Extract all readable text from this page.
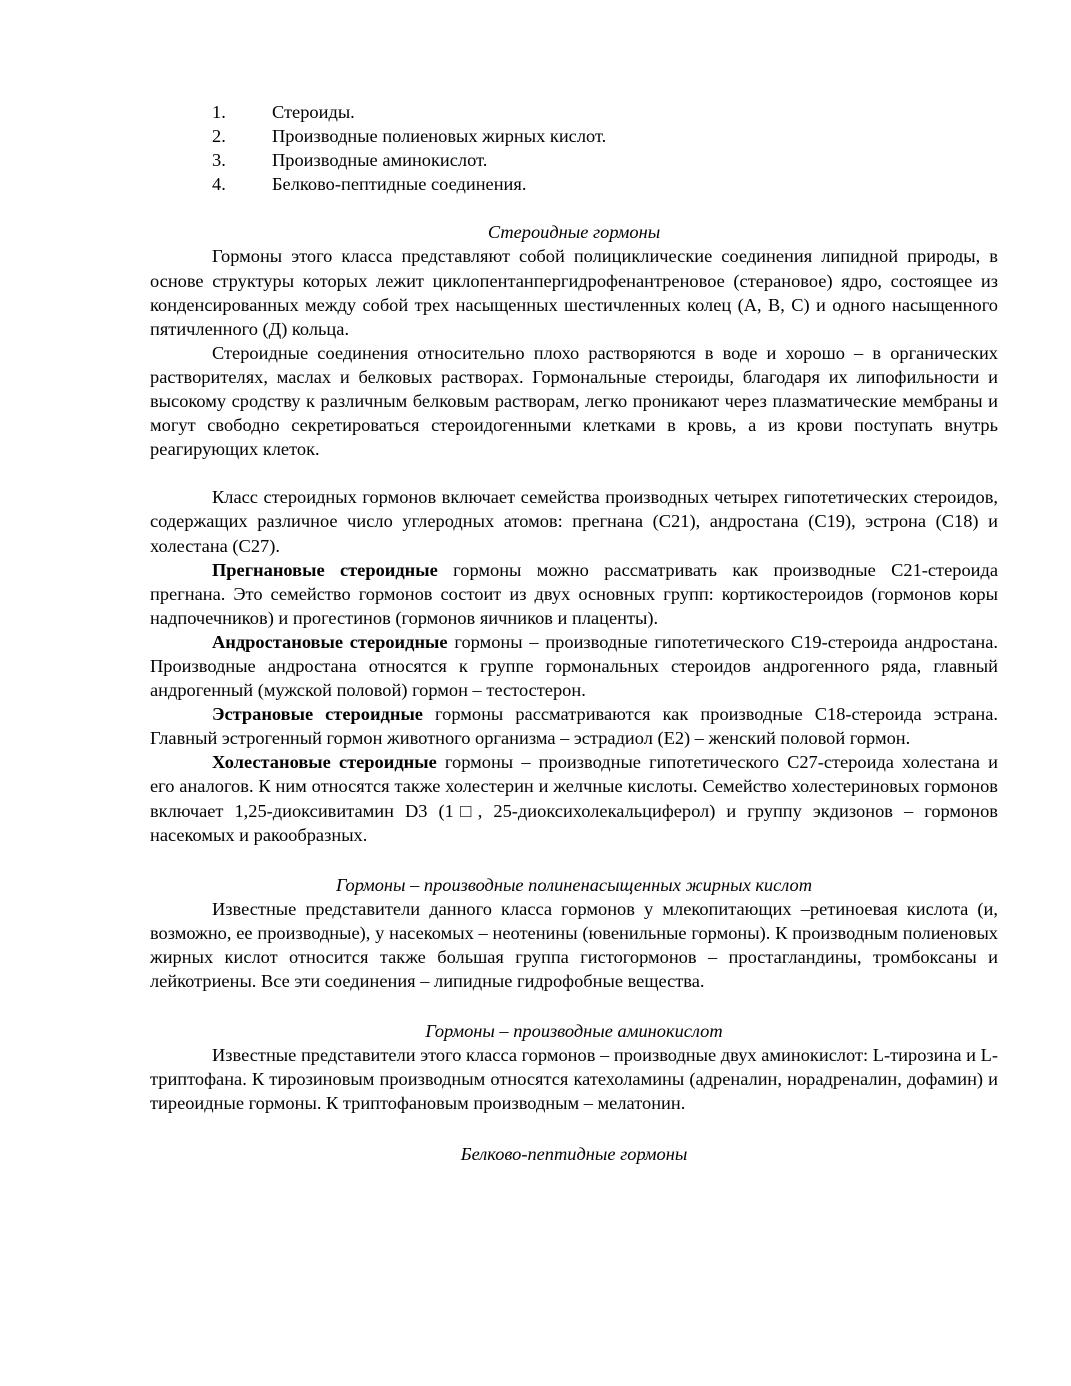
1.	Стероиды.
2.	Производные полиеновых жирных кислот.
3.	Производные аминокислот.
4.	Белково-пептидные соединения.
Стероидные гормоны

Гормоны этого класса представляют собой полициклические соединения липидной природы, в основе структуры которых лежит циклопентанпергидрофенантреновое (стерановое) ядро, состоящее из конденсированных между собой трех насыщенных шестичленных колец (А, В, С) и одного насыщенного пятичленного (Д) кольца.

Стероидные соединения относительно плохо растворяются в воде и хорошо – в органических растворителях, маслах и белковых растворах. Гормональные стероиды, благодаря их липофильности и высокому сродству к различным белковым растворам, легко проникают через плазматические мембраны и могут свободно секретироваться стероидогенными клетками в кровь, а из крови поступать внутрь реагирующих клеток.

Класс стероидных гормонов включает семейства производных четырех гипотетических стероидов, содержащих различное число углеродных атомов: прегнана (С21), андростана (С19), эстрона (С18) и холестана (С27).

Прегнановые стероидные гормоны можно рассматривать как производные С21-стероида прегнана. Это семейство гормонов состоит из двух основных групп: кортикостероидов (гормонов коры надпочечников) и прогестинов (гормонов яичников и плаценты).

Андростановые стероидные гормоны – производные гипотетического С19-стероида андростана. Производные андростана относятся к группе гормональных стероидов андрогенного ряда, главный андрогенный (мужской половой) гормон – тестостерон.

Эстрановые стероидные гормоны рассматриваются как производные С18-стероида эстрана. Главный эстрогенный гормон животного организма – эстрадиол (Е2) – женский половой гормон.

Холестановые стероидные гормоны – производные гипотетического С27-стероида холестана и его аналогов. К ним относятся также холестерин и желчные кислоты. Семейство холестериновых гормонов включает 1,25-диоксивитамин D3 (1□, 25-диоксихолекальциферол) и группу экдизонов – гормонов насекомых и ракообразных.

Гормоны – производные полиненасыщенных жирных кислот

Известные представители данного класса гормонов у млекопитающих –ретиноевая кислота (и, возможно, ее производные), у насекомых – неотенины (ювенильные гормоны). К производным полиеновых жирных кислот относится также большая группа гистогормонов – простагландины, тромбоксаны и лейкотриены. Все эти соединения – липидные гидрофобные вещества.

Гормоны – производные аминокислот

Известные представители этого класса гормонов – производные двух аминокислот: L-тирозина и L-триптофана. К тирозиновым производным относятся катехоламины (адреналин, норадреналин, дофамин) и тиреоидные гормоны. К триптофановым производным – мелатонин.

Белково-пептидные гормоны
